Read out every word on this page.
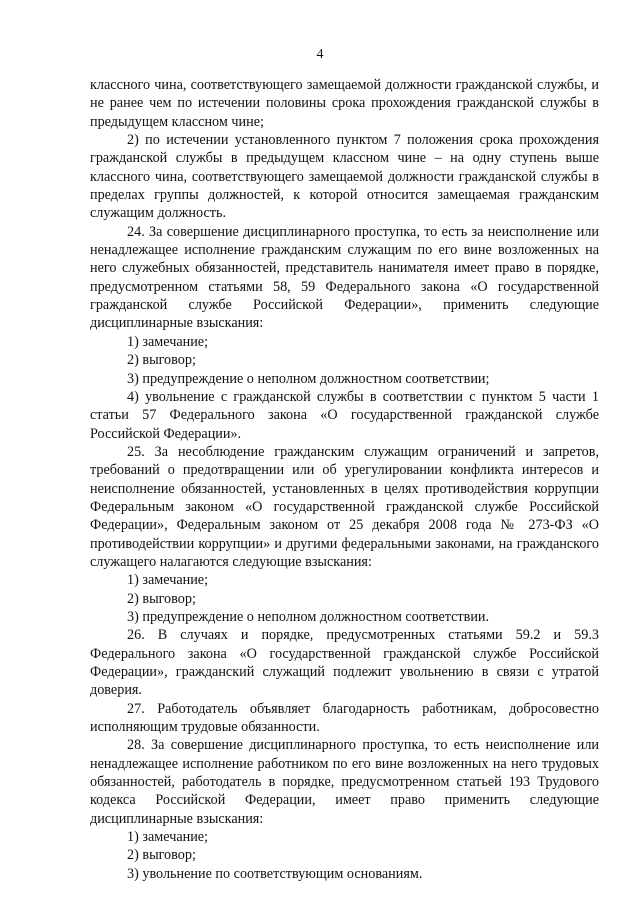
4

классного чина, соответствующего замещаемой должности гражданской службы, и не ранее чем по истечении половины срока прохождения гражданской службы в предыдущем классном чине;

2) по истечении установленного пунктом 7 положения срока прохождения гражданской службы в предыдущем классном чине – на одну ступень выше классного чина, соответствующего замещаемой должности гражданской службы в пределах группы должностей, к которой относится замещаемая гражданским служащим должность.

24. За совершение дисциплинарного проступка, то есть за неисполнение или ненадлежащее исполнение гражданским служащим по его вине возложенных на него служебных обязанностей, представитель нанимателя имеет право в порядке, предусмотренном статьями 58, 59 Федерального закона «О государственной гражданской службе Российской Федерации», применить следующие дисциплинарные взыскания:

1) замечание;
2) выговор;
3) предупреждение о неполном должностном соответствии;

4) увольнение с гражданской службы в соответствии с пунктом 5 части 1 статьи 57 Федерального закона «О государственной гражданской службе Российской Федерации».

25. За несоблюдение гражданским служащим ограничений и запретов, требований о предотвращении или об урегулировании конфликта интересов и неисполнение обязанностей, установленных в целях противодействия коррупции Федеральным законом «О государственной гражданской службе Российской Федерации», Федеральным законом от 25 декабря 2008 года № 273-ФЗ «О противодействии коррупции» и другими федеральными законами, на гражданского служащего налагаются следующие взыскания:

1) замечание;
2) выговор;
3) предупреждение о неполном должностном соответствии.

26. В случаях и порядке, предусмотренных статьями 59.2 и 59.3 Федерального закона «О государственной гражданской службе Российской Федерации», гражданский служащий подлежит увольнению в связи с утратой доверия.

27. Работодатель объявляет благодарность работникам, добросовестно исполняющим трудовые обязанности.

28. За совершение дисциплинарного проступка, то есть неисполнение или ненадлежащее исполнение работником по его вине возложенных на него трудовых обязанностей, работодатель в порядке, предусмотренном статьей 193 Трудового кодекса Российской Федерации, имеет право применить следующие дисциплинарные взыскания:

1) замечание;
2) выговор;
3) увольнение по соответствующим основаниям.
